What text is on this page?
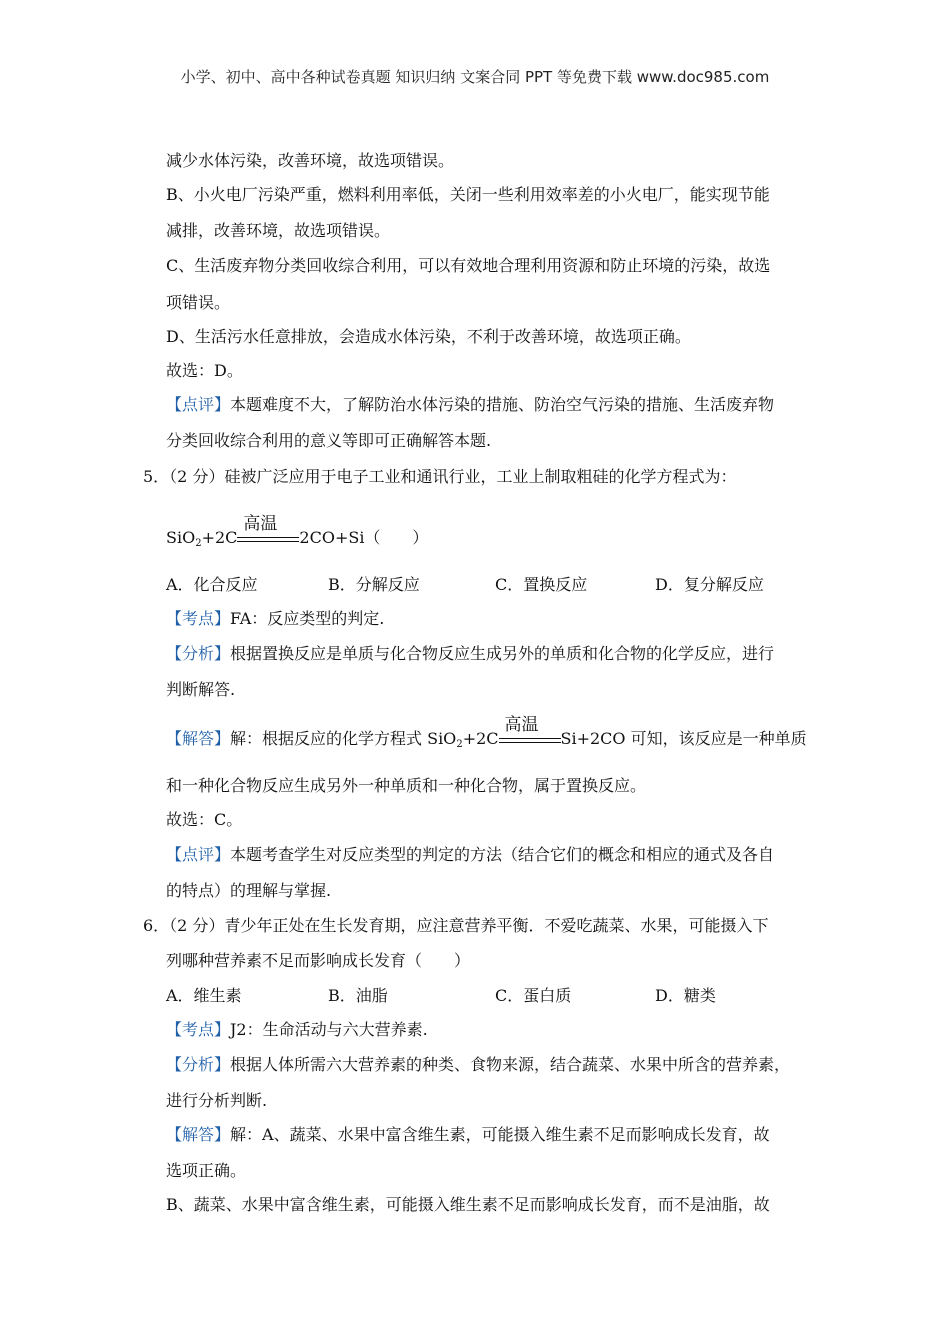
小学、初中、高中各种试卷真题 知识归纳 文案合同 PPT 等免费下载 www.doc985.com
减少水体污染，改善环境，故选项错误。
B、小火电厂污染严重，燃料利用率低，关闭一些利用效率差的小火电厂，能实现节能
减排，改善环境，故选项错误。
C、生活废弃物分类回收综合利用，可以有效地合理利用资源和防止环境的污染，故选
项错误。
D、生活污水任意排放，会造成水体污染，不利于改善环境，故选项正确。
故选：D。
【点评】本题难度不大，了解防治水体污染的措施、防治空气污染的措施、生活废弃物
分类回收综合利用的意义等即可正确解答本题.
5．（2 分）硅被广泛应用于电子工业和通讯行业，工业上制取粗硅的化学方程式为：
SiO$_2$+2C
高温
2CO+Si（　　）
A．化合反应	B．分解反应	C．置换反应	D．复分解反应
【考点】FA：反应类型的判定.
【分析】根据置换反应是单质与化合物反应生成另外的单质和化合物的化学反应，进行
判断解答.
【解答】解：根据反应的化学方程式 SiO$_2$+2C
高温
Si+2CO 可知，该反应是一种单质
和一种化合物反应生成另外一种单质和一种化合物，属于置换反应。
故选：C。
【点评】本题考查学生对反应类型的判定的方法（结合它们的概念和相应的通式及各自
的特点）的理解与掌握.
6．（2 分）青少年正处在生长发育期，应注意营养平衡．不爱吃蔬菜、水果，可能摄入下
列哪种营养素不足而影响成长发育（　　）
A．维生素	B．油脂	C．蛋白质	D．糖类
【考点】J2：生命活动与六大营养素.
【分析】根据人体所需六大营养素的种类、食物来源，结合蔬菜、水果中所含的营养素，
进行分析判断.
【解答】解：A、蔬菜、水果中富含维生素，可能摄入维生素不足而影响成长发育，故
选项正确。
B、蔬菜、水果中富含维生素，可能摄入维生素不足而影响成长发育，而不是油脂，故
